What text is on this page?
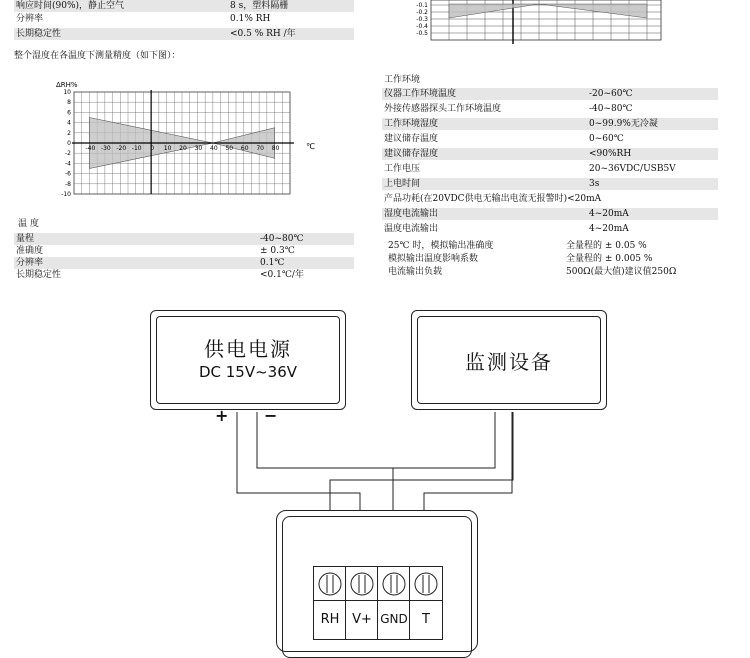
响应时间(90%)，静止空气	8 s，塑料隔栅
分辨率	0.1% RH
长期稳定性	<0.5 % RH /年
整个湿度在各温度下测量精度（如下图）：
-0.1
-0.2
-0.3
-0.4
-0.5
ΔRH%
℃
-40 -30 -20 -10 0 10 20 30 40 50 60 70 80
10
8
6
4
2
0
-2
-4
-6
-8
-10
温 度
量程	-40~80℃
准确度	± 0.3℃
分辨率	0.1℃
长期稳定性	<0.1℃/年
工作环境
仪器工作环境温度	-20~60℃
外接传感器探头工作环境温度	-40~80℃
工作环境湿度	0~99.9%无冷凝
建议储存温度	0~60℃
建议储存湿度	<90%RH
工作电压	20~36VDC/USB5V
上电时间	3s
产品功耗(在20VDC供电无输出电流无报警时)<20mA
湿度电流输出	4~20mA
温度电流输出	4~20mA
25℃ 时，模拟输出准确度	全量程的 ± 0.05 %
模拟输出温度影响系数	全量程的 ± 0.005 %
电流输出负载	500Ω(最大值)建议值250Ω
供电电源
DC 15V~36V
+ −
监测设备
RH V+ GND	T
